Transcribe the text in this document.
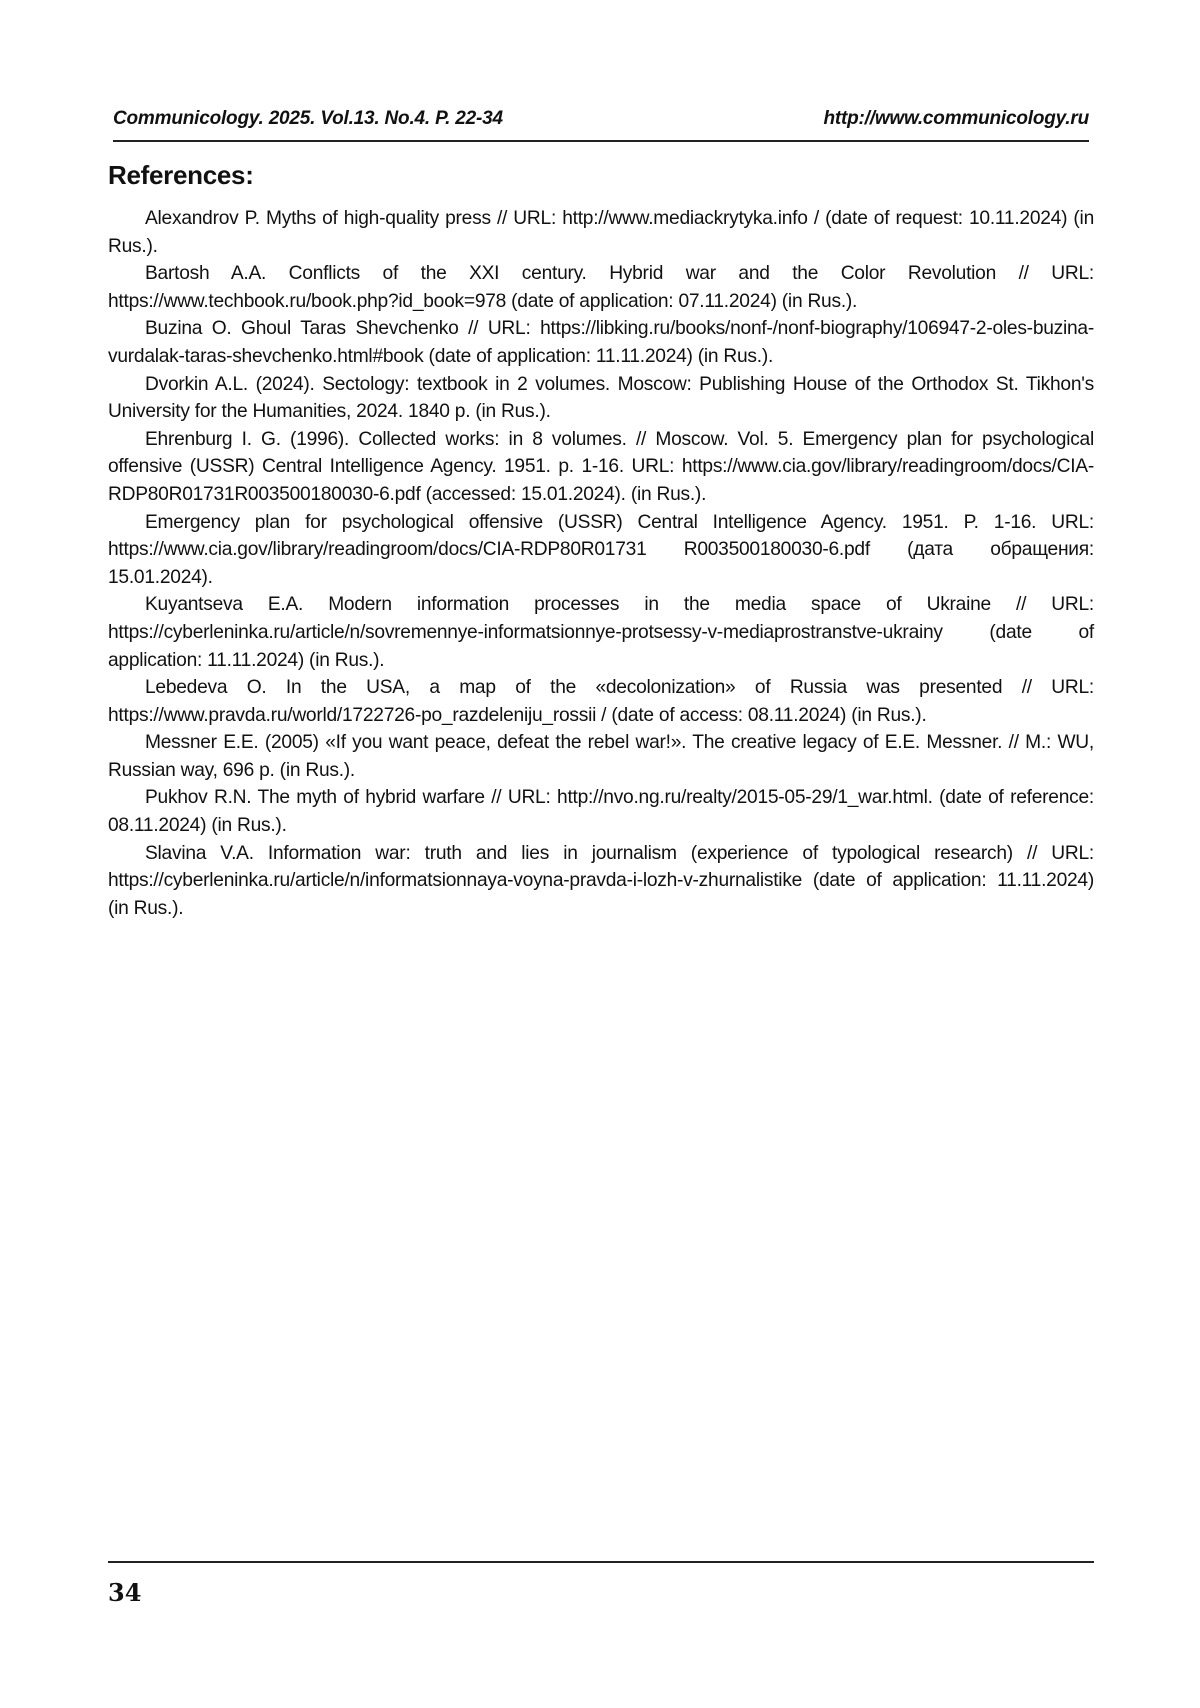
Communicology. 2025. Vol.13. No.4. P. 22-34	http://www.communicology.ru
References:
Alexandrov P. Myths of high-quality press // URL: http://www.mediackrytyka.info / (date of request: 10.11.2024) (in Rus.).
Bartosh A.A. Conflicts of the XXI century. Hybrid war and the Color Revolution // URL: https://www.techbook.ru/book.php?id_book=978 (date of application: 07.11.2024) (in Rus.).
Buzina O. Ghoul Taras Shevchenko // URL: https://libking.ru/books/nonf-/nonf-biography/106947-2-oles-buzina-vurdalak-taras-shevchenko.html#book (date of application: 11.11.2024) (in Rus.).
Dvorkin A.L. (2024). Sectology: textbook in 2 volumes. Moscow: Publishing House of the Orthodox St. Tikhon's University for the Humanities, 2024. 1840 p. (in Rus.).
Ehrenburg I. G. (1996). Collected works: in 8 volumes. // Moscow. Vol. 5. Emergency plan for psychological offensive (USSR) Central Intelligence Agency. 1951. p. 1-16. URL: https://www.cia.gov/library/readingroom/docs/CIA-RDP80R01731R003500180030-6.pdf (accessed: 15.01.2024). (in Rus.).
Emergency plan for psychological offensive (USSR) Central Intelligence Agency. 1951. P. 1-16. URL: https://www.cia.gov/library/readingroom/docs/CIA-RDP80R01731 R003500180030-6.pdf (дата обращения: 15.01.2024).
Kuyantseva E.A. Modern information processes in the media space of Ukraine // URL: https://cyberleninka.ru/article/n/sovremennye-informatsionnye-protsessy-v-mediaprostranstve-ukrainy (date of application: 11.11.2024) (in Rus.).
Lebedeva O. In the USA, a map of the «decolonization» of Russia was presented // URL: https://www.pravda.ru/world/1722726-po_razdeleniju_rossii / (date of access: 08.11.2024) (in Rus.).
Messner E.E. (2005) «If you want peace, defeat the rebel war!». The creative legacy of E.E. Messner. // M.: WU, Russian way, 696 p. (in Rus.).
Pukhov R.N. The myth of hybrid warfare // URL: http://nvo.ng.ru/realty/2015-05-29/1_war.html. (date of reference: 08.11.2024) (in Rus.).
Slavina V.A. Information war: truth and lies in journalism (experience of typological research) // URL: https://cyberleninka.ru/article/n/informatsionnaya-voyna-pravda-i-lozh-v-zhurnalistike (date of application: 11.11.2024) (in Rus.).
34
